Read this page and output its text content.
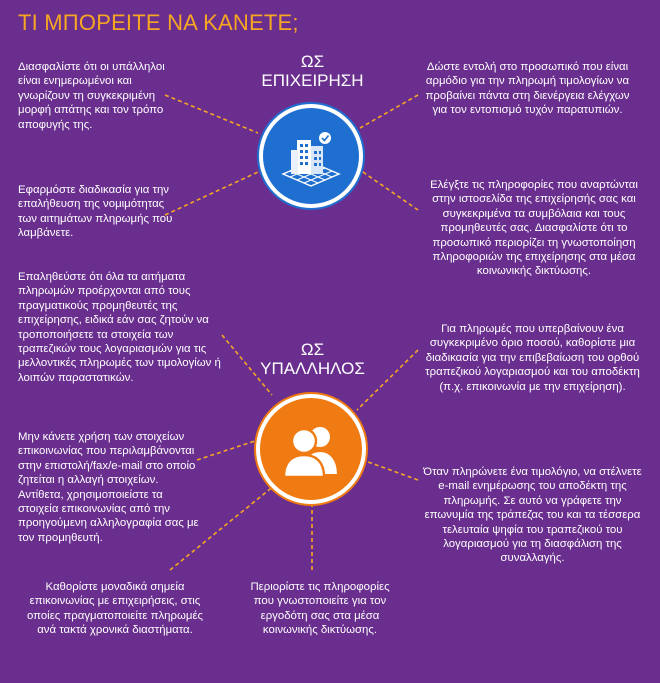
ΤΙ ΜΠΟΡΕΙΤΕ ΝΑ ΚΑΝΕΤΕ;
ΩΣ
ΕΠΙΧΕΙΡΗΣΗ
Διασφαλίστε ότι οι υπάλληλοι είναι ενημερωμένοι και γνωρίζουν τη συγκεκριμένη μορφή απάτης και τον τρόπο αποφυγής της.
Εφαρμόστε διαδικασία για την επαλήθευση της νομιμότητας των αιτημάτων πληρωμής που λαμβάνετε.
Δώστε εντολή στο προσωπικό που είναι αρμόδιο για την πληρωμή τιμολογίων να προβαίνει πάντα στη διενέργεια ελέγχων για τον εντοπισμό τυχόν παρατυπιών.
Ελέγξτε τις πληροφορίες που αναρτώνται στην ιστοσελίδα της επιχείρησής σας και συγκεκριμένα τα συμβόλαια και τους προμηθευτές σας. Διασφαλίστε ότι το προσωπικό περιορίζει τη γνωστοποίηση πληροφοριών της επιχείρησης στα μέσα κοινωνικής δικτύωσης.
ΩΣ
ΥΠΑΛΛΗΛΟΣ
Επαληθεύστε ότι όλα τα αιτήματα πληρωμών προέρχονται από τους πραγματικούς προμηθευτές της επιχείρησης, ειδικά εάν σας ζητούν να τροποποιήσετε τα στοιχεία των τραπεζικών τους λογαριασμών για τις μελλοντικές πληρωμές των τιμολογίων ή λοιπών παραστατικών.
Μην κάνετε χρήση των στοιχείων επικοινωνίας που περιλαμβάνονται στην επιστολή/fax/e-mail στο οποίο ζητείται η αλλαγή στοιχείων. Αντίθετα, χρησιμοποιείστε τα στοιχεία επικοινωνίας από την προηγούμενη αλληλογραφία σας με τον προμηθευτή.
Για πληρωμές που υπερβαίνουν ένα συγκεκριμένο όριο ποσού, καθορίστε μια διαδικασία για την επιβεβαίωση του ορθού τραπεζικού λογαριασμού και του αποδέκτη (π.χ. επικοινωνία με την επιχείρηση).
Όταν πληρώνετε ένα τιμολόγιο, να στέλνετε e-mail ενημέρωσης του αποδέκτη της πληρωμής. Σε αυτό να γράφετε την επωνυμία της τράπεζας του και τα τέσσερα τελευταία ψηφία του τραπεζικού του λογαριασμού για τη διασφάλιση της συναλλαγής.
Καθορίστε μοναδικά σημεία επικοινωνίας με επιχειρήσεις, στις οποίες πραγματοποιείτε πληρωμές ανά τακτά χρονικά διαστήματα.
Περιορίστε τις πληροφορίες που γνωστοποιείτε για τον εργοδότη σας στα μέσα κοινωνικής δικτύωσης.
